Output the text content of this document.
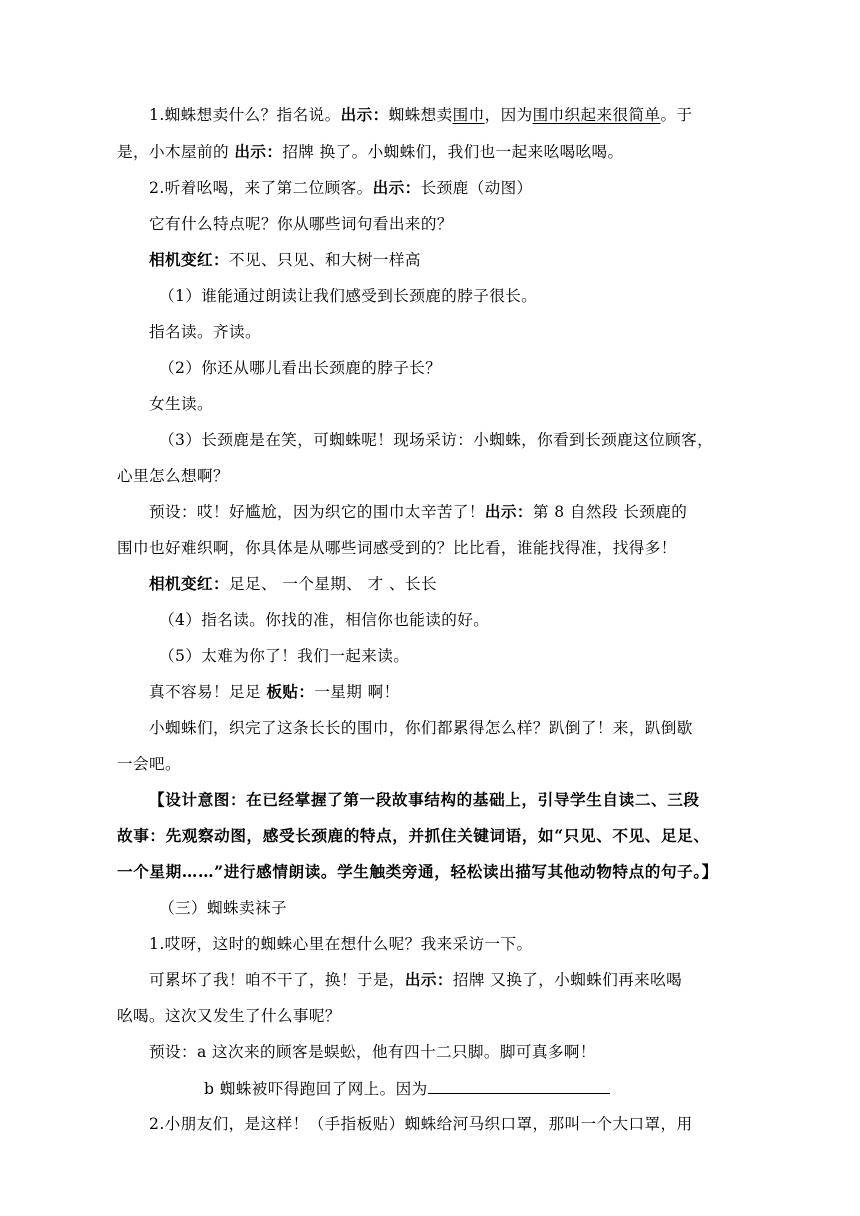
1.蜘蛛想卖什么？指名说。出示：蜘蛛想卖围巾，因为围巾织起来很简单。于
是，小木屋前的 出示：招牌 换了。小蜘蛛们，我们也一起来吆喝吆喝。
2.听着吆喝，来了第二位顾客。出示：长颈鹿（动图）
它有什么特点呢？你从哪些词句看出来的？
相机变红：不见、只见、和大树一样高
（1）谁能通过朗读让我们感受到长颈鹿的脖子很长。
指名读。齐读。
（2）你还从哪儿看出长颈鹿的脖子长？
女生读。
（3）长颈鹿是在笑，可蜘蛛呢！现场采访：小蜘蛛，你看到长颈鹿这位顾客，
心里怎么想啊？
预设：哎！好尴尬，因为织它的围巾太辛苦了！出示：第 8 自然段 长颈鹿的
围巾也好难织啊，你具体是从哪些词感受到的？比比看，谁能找得准，找得多！
相机变红：足足、 一个星期、 才 、长长
（4）指名读。你找的准，相信你也能读的好。
（5）太难为你了！我们一起来读。
真不容易！足足 板贴：一星期 啊！
小蜘蛛们，织完了这条长长的围巾，你们都累得怎么样？趴倒了！来，趴倒歇
一会吧。
【设计意图：在已经掌握了第一段故事结构的基础上，引导学生自读二、三段
故事：先观察动图，感受长颈鹿的特点，并抓住关键词语，如“只见、不见、足足、
一个星期……”进行感情朗读。学生触类旁通，轻松读出描写其他动物特点的句子。】
（三）蜘蛛卖袜子
1.哎呀，这时的蜘蛛心里在想什么呢？我来采访一下。
可累坏了我！咱不干了，换！于是，出示：招牌 又换了，小蜘蛛们再来吆喝
吆喝。这次又发生了什么事呢？
预设：a 这次来的顾客是蜈蚣，他有四十二只脚。脚可真多啊！
b 蜘蛛被吓得跑回了网上。因为
2.小朋友们，是这样！（手指板贴）蜘蛛给河马织口罩，那叫一个大口罩，用
